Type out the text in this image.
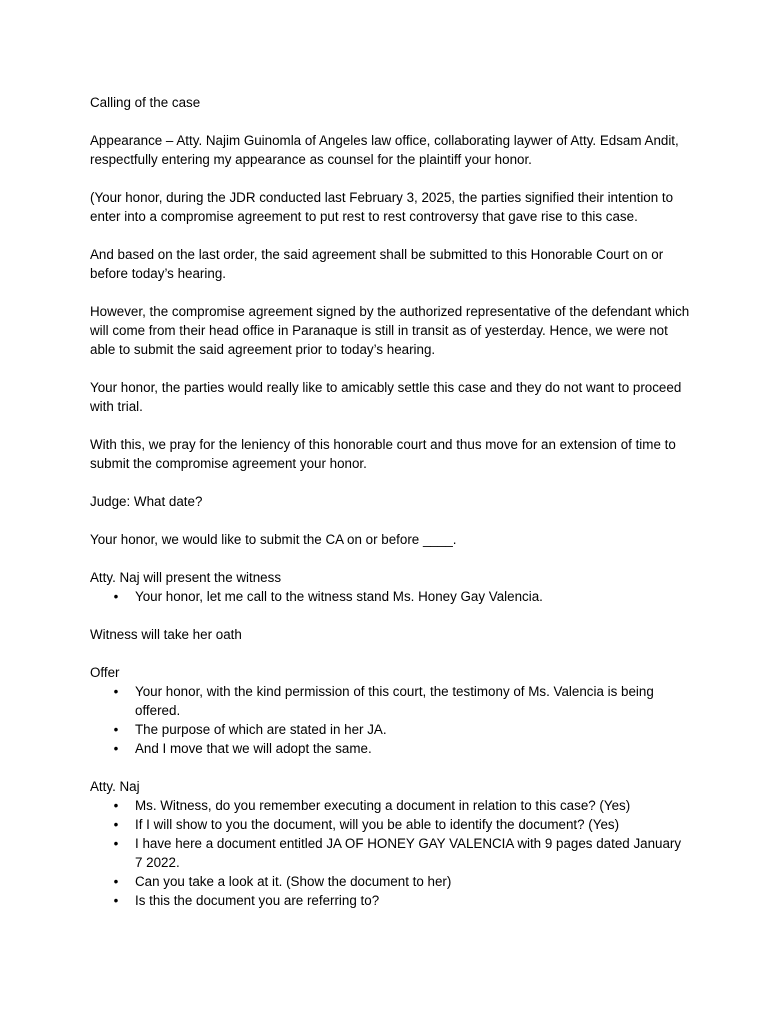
Calling of the case

Appearance – Atty. Najim Guinomla of Angeles law office, collaborating laywer of Atty. Edsam Andit, respectfully entering my appearance as counsel for the plaintiff your honor.

(Your honor, during the JDR conducted last February 3, 2025, the parties signified their intention to enter into a compromise agreement to put rest to rest controversy that gave rise to this case.

And based on the last order, the said agreement shall be submitted to this Honorable Court on or before today’s hearing.

However, the compromise agreement signed by the authorized representative of the defendant which will come from their head office in Paranaque is still in transit as of yesterday. Hence, we were not able to submit the said agreement prior to today’s hearing.

Your honor, the parties would really like to amicably settle this case and they do not want to proceed with trial.

With this, we pray for the leniency of this honorable court and thus move for an extension of time to submit the compromise agreement your honor.

Judge: What date?

Your honor, we would like to submit the CA on or before ____.

Atty. Naj will present the witness

• Your honor, let me call to the witness stand Ms. Honey Gay Valencia.

Witness will take her oath

Offer

• Your honor, with the kind permission of this court, the testimony of Ms. Valencia is being offered.
• The purpose of which are stated in her JA.
• And I move that we will adopt the same.

Atty. Naj

• Ms. Witness, do you remember executing a document in relation to this case? (Yes)
• If I will show to you the document, will you be able to identify the document? (Yes)
• I have here a document entitled JA OF HONEY GAY VALENCIA with 9 pages dated January 7 2022.
• Can you take a look at it. (Show the document to her)
• Is this the document you are referring to?
